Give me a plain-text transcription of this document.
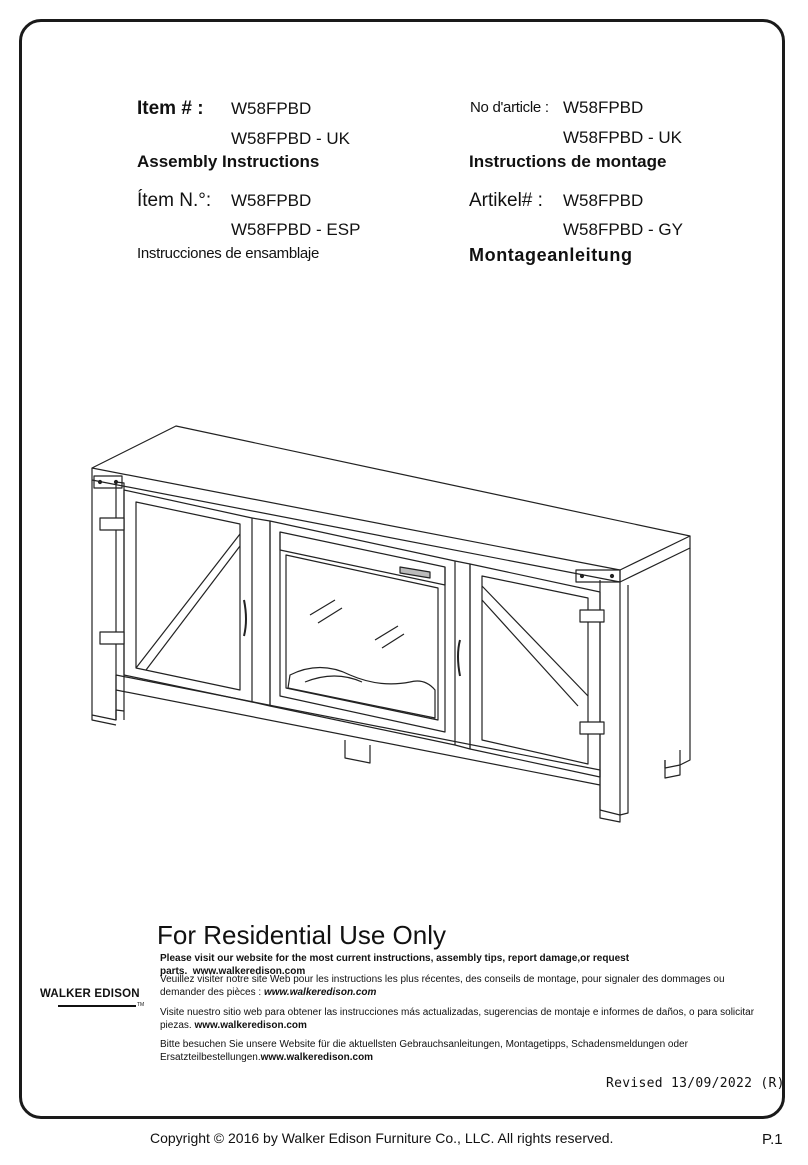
Item # : W58FPBD
W58FPBD - UK
Assembly Instructions
No d'article : W58FPBD
W58FPBD - UK
Instructions de montage
Ítem N.°: W58FPBD
W58FPBD - ESP
Instrucciones de ensamblaje
Artikel# : W58FPBD
W58FPBD - GY
Montageanleitung
For Residential Use Only
Please visit our website for the most current instructions, assembly tips, report damage,or request parts. www.walkeredison.com
Veuillez visiter notre site Web pour les instructions les plus récentes, des conseils de montage, pour signaler des dommages ou demander des pièces : www.walkeredison.com
Visite nuestro sitio web para obtener las instrucciones más actualizadas, sugerencias de montaje e informes de daños, o para solicitar piezas. www.walkeredison.com
Bitte besuchen Sie unsere Website für die aktuellsten Gebrauchsanleitungen, Montagetipps, Schadensmeldungen oder Ersatzteilbestellungen.www.walkeredison.com
WALKER EDISON
TM
Revised 13/09/2022 (R)
Copyright © 2016 by Walker Edison Furniture Co., LLC. All rights reserved.	P.1
